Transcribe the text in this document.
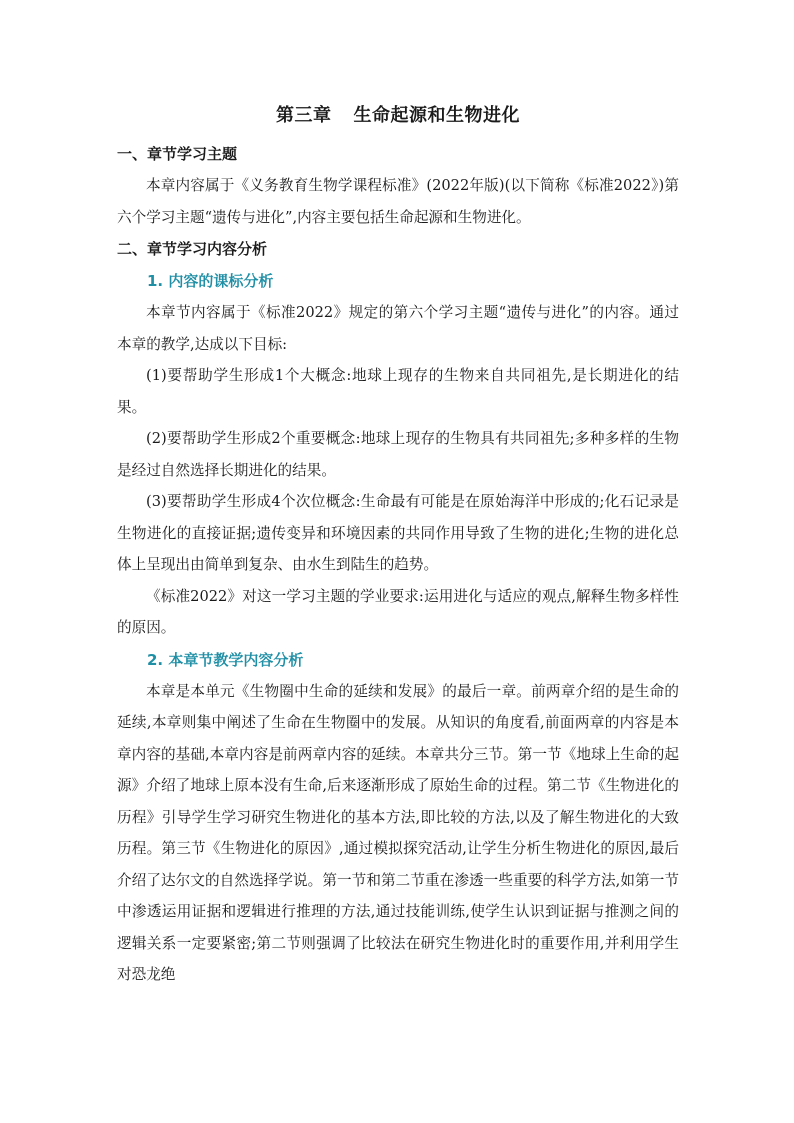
第三章 生命起源和生物进化
一、章节学习主题

本章内容属于《义务教育生物学课程标准》(2022年版)(以下简称《标准2022》)第六个学习主题“遗传与进化”,内容主要包括生命起源和生物进化。

二、章节学习内容分析
1. 内容的课标分析

本章节内容属于《标准2022》规定的第六个学习主题“遗传与进化”的内容。通过本章的教学,达成以下目标:

(1)要帮助学生形成1个大概念:地球上现存的生物来自共同祖先,是长期进化的结果。

(2)要帮助学生形成2个重要概念:地球上现存的生物具有共同祖先;多种多样的生物是经过自然选择长期进化的结果。

(3)要帮助学生形成4个次位概念:生命最有可能是在原始海洋中形成的;化石记录是生物进化的直接证据;遗传变异和环境因素的共同作用导致了生物的进化;生物的进化总体上呈现出由简单到复杂、由水生到陆生的趋势。

《标准2022》对这一学习主题的学业要求:运用进化与适应的观点,解释生物多样性的原因。

2. 本章节教学内容分析

本章是本单元《生物圈中生命的延续和发展》的最后一章。前两章介绍的是生命的延续,本章则集中阐述了生命在生物圈中的发展。从知识的角度看,前面两章的内容是本章内容的基础,本章内容是前两章内容的延续。本章共分三节。第一节《地球上生命的起源》介绍了地球上原本没有生命,后来逐渐形成了原始生命的过程。第二节《生物进化的历程》引导学生学习研究生物进化的基本方法,即比较的方法,以及了解生物进化的大致历程。第三节《生物进化的原因》,通过模拟探究活动,让学生分析生物进化的原因,最后介绍了达尔文的自然选择学说。第一节和第二节重在渗透一些重要的科学方法,如第一节中渗透运用证据和逻辑进行推理的方法,通过技能训练,使学生认识到证据与推测之间的逻辑关系一定要紧密;第二节则强调了比较法在研究生物进化时的重要作用,并利用学生对恐龙绝
